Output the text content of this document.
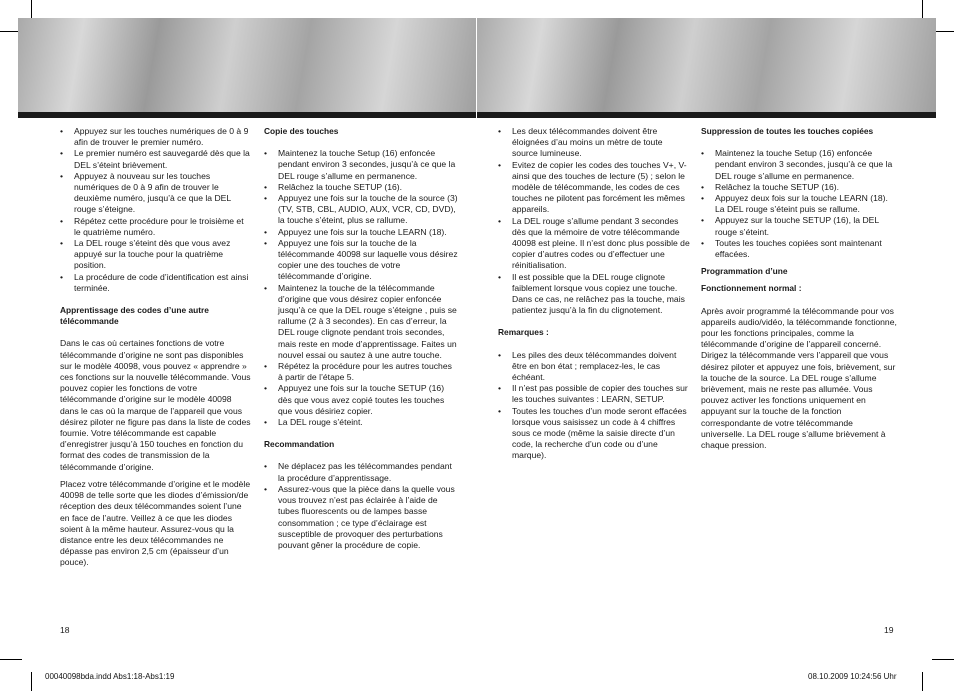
• Appuyez sur les touches numériques de 0 à 9 afin de trouver le premier numéro.
• Le premier numéro est sauvegardé dès que la DEL s’éteint brièvement.
• Appuyez à nouveau sur les touches numériques de 0 à 9 afin de trouver le deuxième numéro, jusqu’à ce que la DEL rouge s’éteigne.
• Répétez cette procédure pour le troisième et le quatrième numéro.
• La DEL rouge s’éteint dès que vous avez appuyé sur la touche pour la quatrième position.
• La procédure de code d’identification est ainsi terminée.

Apprentissage des codes d’une autre télécommande

Dans le cas où certaines fonctions de votre télécommande d’origine ne sont pas disponibles sur le modèle 40098, vous pouvez « apprendre » ces fonctions sur la nouvelle télécommande. Vous pouvez copier les fonctions de votre télécommande d’origine sur le modèle 40098 dans le cas où la marque de l’appareil que vous désirez piloter ne figure pas dans la liste de codes fournie. Votre télécommande est capable d’enregistrer jusqu’à 150 touches en fonction du format des codes de transmission de la télécommande d’origine.

Placez votre télécommande d’origine et le modèle 40098 de telle sorte que les diodes d’émission/de réception des deux télécommandes soient l’une en face de l’autre. Veillez à ce que les diodes soient à la même hauteur. Assurez-vous qu la distance entre les deux télécommandes ne dépasse pas environ 2,5 cm (épaisseur d’un pouce).

Copie des touches

• Maintenez la touche Setup (16) enfoncée pendant environ 3 secondes, jusqu’à ce que la DEL rouge s’allume en permanence.
• Relâchez la touche SETUP (16).
• Appuyez une fois sur la touche de la source (3) (TV, STB, CBL, AUDIO, AUX, VCR, CD, DVD), la touche s’éteint, plus se rallume.
• Appuyez une fois sur la touche LEARN (18).
• Appuyez une fois sur la touche de la télécommande 40098 sur laquelle vous désirez copier une des touches de votre télécommande d’origine.
• Maintenez la touche de la télécommande d’origine que vous désirez copier enfoncée jusqu’à ce que la DEL rouge s’éteigne , puis se rallume (2 à 3 secondes). En cas d’erreur, la DEL rouge clignote pendant trois secondes, mais reste en mode d’apprentissage. Faites un nouvel essai ou sautez à une autre touche.
• Répétez la procédure pour les autres touches à partir de l’étape 5.
• Appuyez une fois sur la touche SETUP (16) dès que vous avez copié toutes les touches que vous désiriez copier.
• La DEL rouge s’éteint.

Recommandation

• Ne déplacez pas les télécommandes pendant la procédure d’apprentissage.
• Assurez-vous que la pièce dans la quelle vous vous trouvez n’est pas éclairée à l’aide de tubes fluorescents ou de lampes basse consommation ; ce type d’éclairage est susceptible de provoquer des perturbations pouvant gêner la procédure de copie.
• Les deux télécommandes doivent être éloignées d’au moins un mètre de toute source lumineuse.
• Evitez de copier les codes des touches V+, V- ainsi que des touches de lecture (5) ; selon le modèle de télécommande, les codes de ces touches ne pilotent pas forcément les mêmes appareils.
• La DEL rouge s’allume pendant 3 secondes dès que la mémoire de votre télécommande 40098 est pleine. Il n’est donc plus possible de copier d’autres codes ou d’effectuer une réinitialisation.
• Il est possible que la DEL rouge clignote faiblement lorsque vous copiez une touche. Dans ce cas, ne relâchez pas la touche, mais patientez jusqu’à la fin du clignotement.

Remarques :

• Les piles des deux télécommandes doivent être en bon état ; remplacez-les, le cas échéant.
• Il n’est pas possible de copier des touches sur les touches suivantes : LEARN, SETUP.
• Toutes les touches d’un mode seront effacées lorsque vous saisissez un code à 4 chiffres sous ce mode (même la saisie directe d’un code, la recherche d’un code ou d’une marque).

Suppression de toutes les touches copiées

• Maintenez la touche Setup (16) enfoncée pendant environ 3 secondes, jusqu’à ce que la DEL rouge s’allume en permanence.
• Relâchez la touche SETUP (16).
• Appuyez deux fois sur la touche LEARN (18). La DEL rouge s’éteint puis se rallume.
• Appuyez sur la touche SETUP (16), la DEL rouge s’éteint.
• Toutes les touches copiées sont maintenant effacées.

Programmation d’une

Fonctionnement normal :

Après avoir programmé la télécommande pour vos appareils audio/vidéo, la télécommande fonctionne, pour les fonctions principales, comme la télécommande d’origine de l’appareil concerné. Dirigez la télécommande vers l’appareil que vous désirez piloter et appuyez une fois, brièvement, sur la touche de la source. La DEL rouge s’allume brièvement, mais ne reste pas allumée. Vous pouvez activer les fonctions uniquement en appuyant sur la touche de la fonction correspondante de votre télécommande universelle. La DEL rouge s’allume brièvement à chaque pression.

18	19
00040098bda.indd Abs1:18-Abs1:19	08.10.2009 10:24:56 Uhr
